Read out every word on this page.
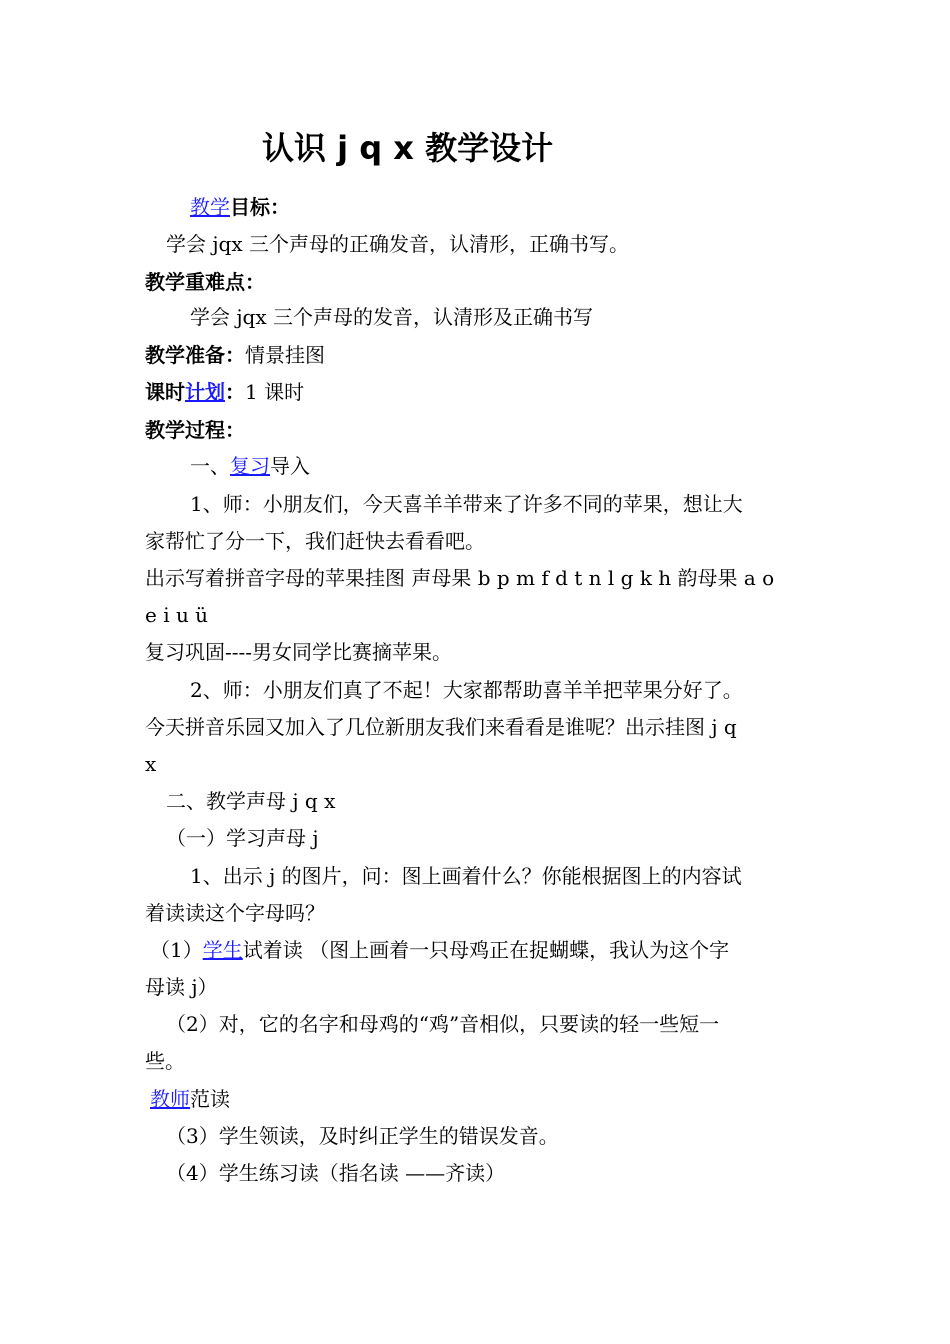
认识 j q x 教学设计
教学目标：
学会 jqx 三个声母的正确发音，认清形，正确书写。
教学重难点：
学会 jqx 三个声母的发音，认清形及正确书写
教学准备：情景挂图
课时计划：1 课时
教学过程：
一、复习导入
1、师：小朋友们，今天喜羊羊带来了许多不同的苹果，想让大
家帮忙了分一下，我们赶快去看看吧。
出示写着拼音字母的苹果挂图 声母果 b p m f d t n l g k h 韵母果 a o
e i u ü
复习巩固----男女同学比赛摘苹果。
2、师：小朋友们真了不起！大家都帮助喜羊羊把苹果分好了。
今天拼音乐园又加入了几位新朋友我们来看看是谁呢？出示挂图 j q
x
二、教学声母 j q x
（一）学习声母 j
1、出示 j 的图片，问：图上画着什么？你能根据图上的内容试
着读读这个字母吗？
（1）学生试着读 （图上画着一只母鸡正在捉蝴蝶，我认为这个字
母读 j）
（2）对，它的名字和母鸡的“鸡”音相似，只要读的轻一些短一
些。
教师范读
（3）学生领读，及时纠正学生的错误发音。
（4）学生练习读（指名读 ——齐读）
